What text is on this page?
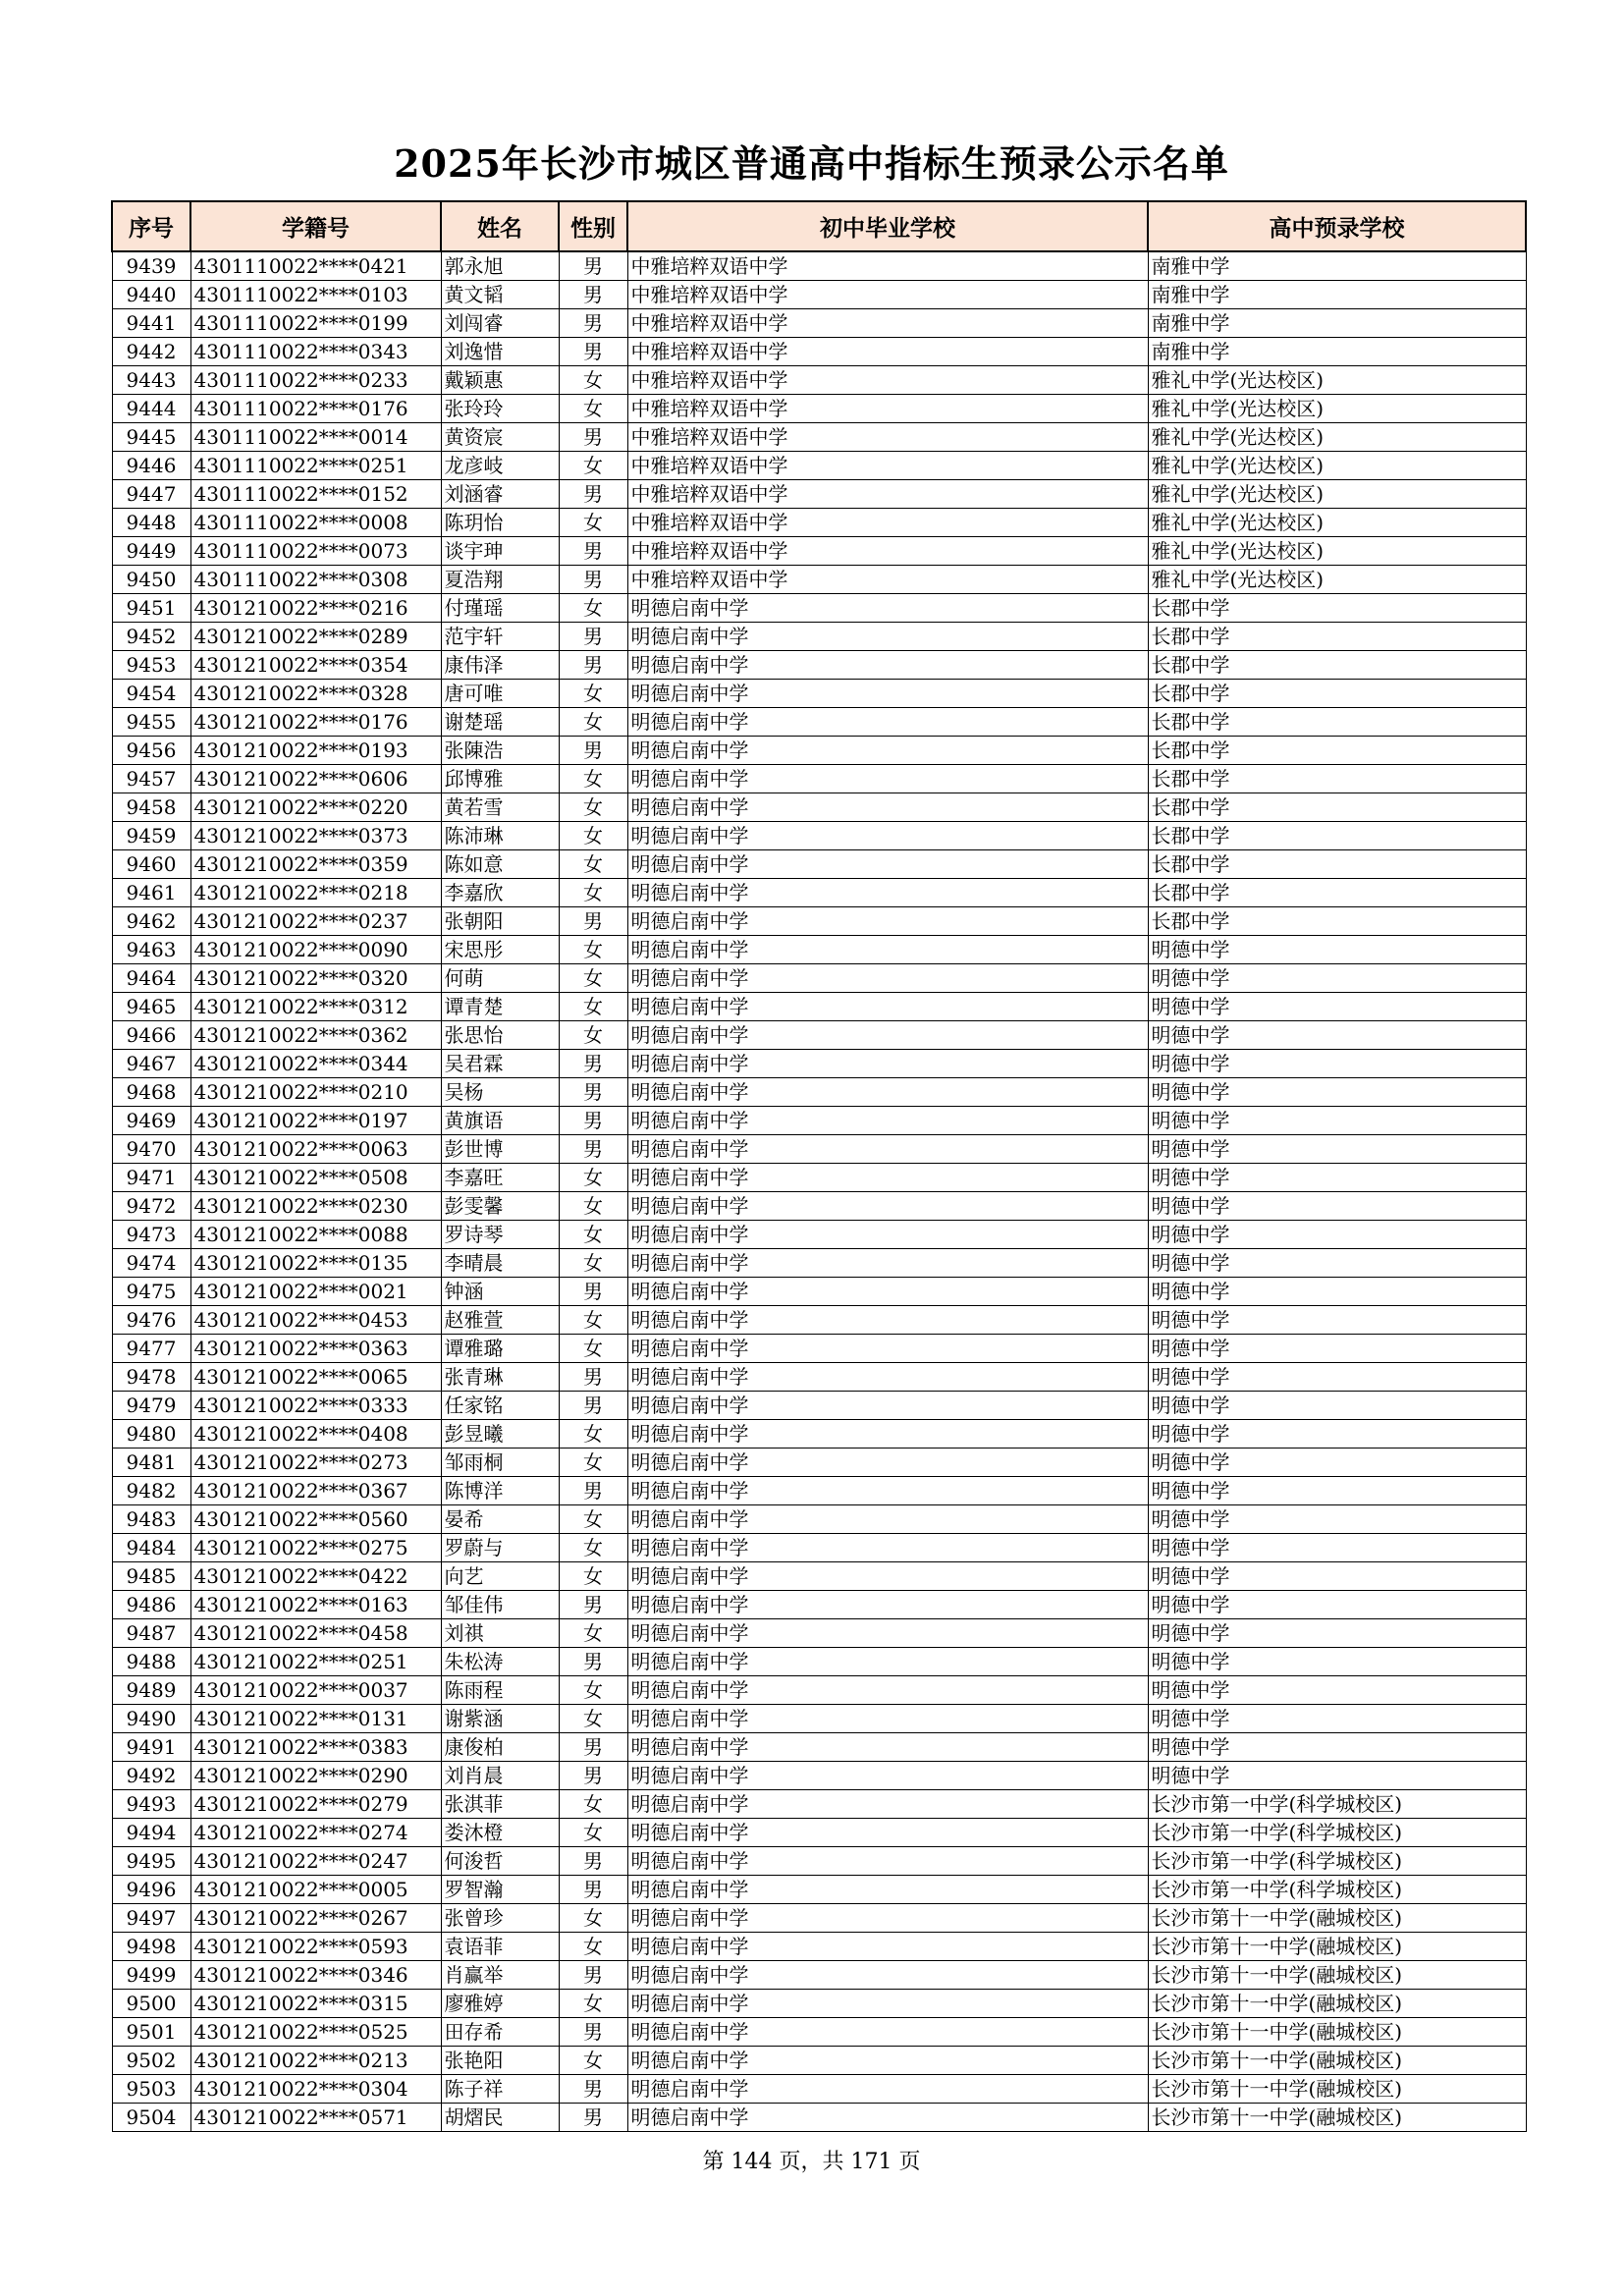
2025年长沙市城区普通高中指标生预录公示名单
序号	学籍号	姓名	性别	初中毕业学校	高中预录学校
9439	4301110022****0421	郭永旭	男	中雅培粹双语中学	南雅中学
9440	4301110022****0103	黄文韬	男	中雅培粹双语中学	南雅中学
9441	4301110022****0199	刘闯睿	男	中雅培粹双语中学	南雅中学
9442	4301110022****0343	刘逸惜	男	中雅培粹双语中学	南雅中学
9443	4301110022****0233	戴颖惠	女	中雅培粹双语中学	雅礼中学(光达校区)
9444	4301110022****0176	张玲玲	女	中雅培粹双语中学	雅礼中学(光达校区)
9445	4301110022****0014	黄资宸	男	中雅培粹双语中学	雅礼中学(光达校区)
9446	4301110022****0251	龙彦岐	女	中雅培粹双语中学	雅礼中学(光达校区)
9447	4301110022****0152	刘涵睿	男	中雅培粹双语中学	雅礼中学(光达校区)
9448	4301110022****0008	陈玥怡	女	中雅培粹双语中学	雅礼中学(光达校区)
9449	4301110022****0073	谈宇珅	男	中雅培粹双语中学	雅礼中学(光达校区)
9450	4301110022****0308	夏浩翔	男	中雅培粹双语中学	雅礼中学(光达校区)
9451	4301210022****0216	付瑾瑶	女	明德启南中学	长郡中学
9452	4301210022****0289	范宇轩	男	明德启南中学	长郡中学
9453	4301210022****0354	康伟泽	男	明德启南中学	长郡中学
9454	4301210022****0328	唐可唯	女	明德启南中学	长郡中学
9455	4301210022****0176	谢楚瑶	女	明德启南中学	长郡中学
9456	4301210022****0193	张陳浩	男	明德启南中学	长郡中学
9457	4301210022****0606	邱博雅	女	明德启南中学	长郡中学
9458	4301210022****0220	黄若雪	女	明德启南中学	长郡中学
9459	4301210022****0373	陈沛琳	女	明德启南中学	长郡中学
9460	4301210022****0359	陈如意	女	明德启南中学	长郡中学
9461	4301210022****0218	李嘉欣	女	明德启南中学	长郡中学
9462	4301210022****0237	张朝阳	男	明德启南中学	长郡中学
9463	4301210022****0090	宋思彤	女	明德启南中学	明德中学
9464	4301210022****0320	何萌	女	明德启南中学	明德中学
9465	4301210022****0312	谭青楚	女	明德启南中学	明德中学
9466	4301210022****0362	张思怡	女	明德启南中学	明德中学
9467	4301210022****0344	吴君霖	男	明德启南中学	明德中学
9468	4301210022****0210	吴杨	男	明德启南中学	明德中学
9469	4301210022****0197	黄旗语	男	明德启南中学	明德中学
9470	4301210022****0063	彭世博	男	明德启南中学	明德中学
9471	4301210022****0508	李嘉旺	女	明德启南中学	明德中学
9472	4301210022****0230	彭雯馨	女	明德启南中学	明德中学
9473	4301210022****0088	罗诗琴	女	明德启南中学	明德中学
9474	4301210022****0135	李晴晨	女	明德启南中学	明德中学
9475	4301210022****0021	钟涵	男	明德启南中学	明德中学
9476	4301210022****0453	赵雅萱	女	明德启南中学	明德中学
9477	4301210022****0363	谭雅璐	女	明德启南中学	明德中学
9478	4301210022****0065	张青琳	男	明德启南中学	明德中学
9479	4301210022****0333	任家铭	男	明德启南中学	明德中学
9480	4301210022****0408	彭昱曦	女	明德启南中学	明德中学
9481	4301210022****0273	邹雨桐	女	明德启南中学	明德中学
9482	4301210022****0367	陈博洋	男	明德启南中学	明德中学
9483	4301210022****0560	晏希	女	明德启南中学	明德中学
9484	4301210022****0275	罗蔚与	女	明德启南中学	明德中学
9485	4301210022****0422	向艺	女	明德启南中学	明德中学
9486	4301210022****0163	邹佳伟	男	明德启南中学	明德中学
9487	4301210022****0458	刘祺	女	明德启南中学	明德中学
9488	4301210022****0251	朱松涛	男	明德启南中学	明德中学
9489	4301210022****0037	陈雨程	女	明德启南中学	明德中学
9490	4301210022****0131	谢紫涵	女	明德启南中学	明德中学
9491	4301210022****0383	康俊柏	男	明德启南中学	明德中学
9492	4301210022****0290	刘肖晨	男	明德启南中学	明德中学
9493	4301210022****0279	张淇菲	女	明德启南中学	长沙市第一中学(科学城校区)
9494	4301210022****0274	娄沐橙	女	明德启南中学	长沙市第一中学(科学城校区)
9495	4301210022****0247	何浚哲	男	明德启南中学	长沙市第一中学(科学城校区)
9496	4301210022****0005	罗智瀚	男	明德启南中学	长沙市第一中学(科学城校区)
9497	4301210022****0267	张曾珍	女	明德启南中学	长沙市第十一中学(融城校区)
9498	4301210022****0593	袁语菲	女	明德启南中学	长沙市第十一中学(融城校区)
9499	4301210022****0346	肖赢举	男	明德启南中学	长沙市第十一中学(融城校区)
9500	4301210022****0315	廖雅婷	女	明德启南中学	长沙市第十一中学(融城校区)
9501	4301210022****0525	田存希	男	明德启南中学	长沙市第十一中学(融城校区)
9502	4301210022****0213	张艳阳	女	明德启南中学	长沙市第十一中学(融城校区)
9503	4301210022****0304	陈子祥	男	明德启南中学	长沙市第十一中学(融城校区)
9504	4301210022****0571	胡熠民	男	明德启南中学	长沙市第十一中学(融城校区)
第 144 页，共 171 页
